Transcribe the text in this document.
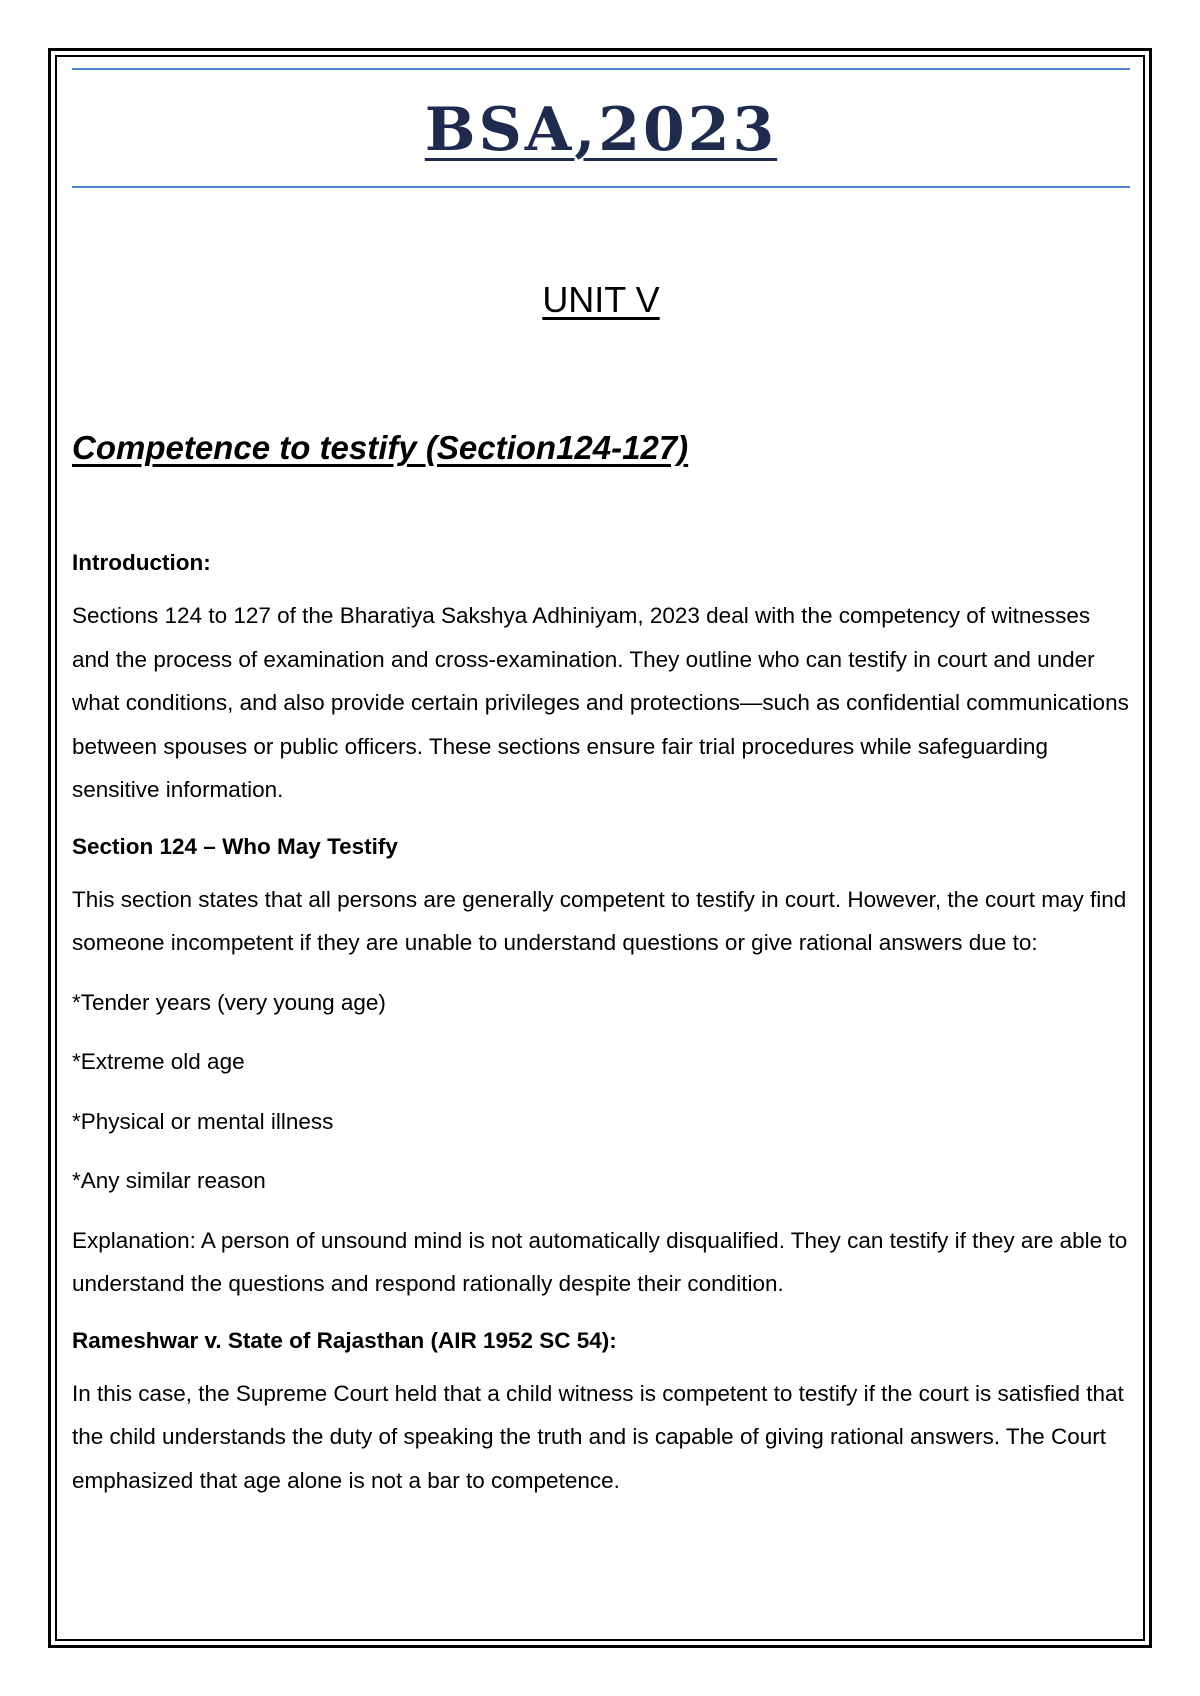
BSA,2023
UNIT V
Competence to testify (Section124-127)

Introduction:

Sections 124 to 127 of the Bharatiya Sakshya Adhiniyam, 2023 deal with the competency of witnesses and the process of examination and cross-examination. They outline who can testify in court and under what conditions, and also provide certain privileges and protections—such as confidential communications between spouses or public officers. These sections ensure fair trial procedures while safeguarding sensitive information.

Section 124 – Who May Testify

This section states that all persons are generally competent to testify in court. However, the court may find someone incompetent if they are unable to understand questions or give rational answers due to:

*Tender years (very young age)

*Extreme old age

*Physical or mental illness

*Any similar reason

Explanation: A person of unsound mind is not automatically disqualified. They can testify if they are able to understand the questions and respond rationally despite their condition.

Rameshwar v. State of Rajasthan (AIR 1952 SC 54):

In this case, the Supreme Court held that a child witness is competent to testify if the court is satisfied that the child understands the duty of speaking the truth and is capable of giving rational answers. The Court emphasized that age alone is not a bar to competence.
